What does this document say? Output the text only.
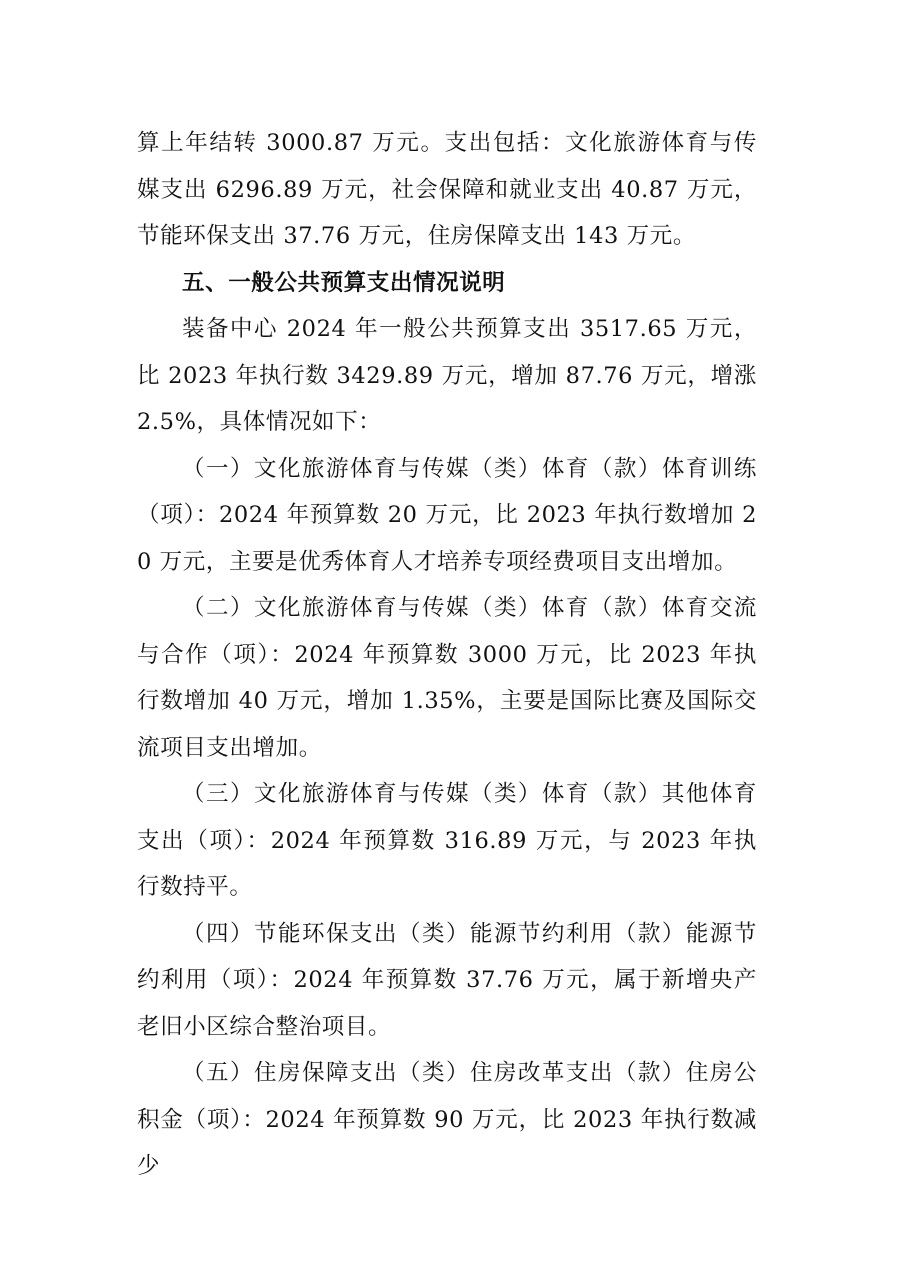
算上年结转 3000.87 万元。支出包括：文化旅游体育与传媒支出 6296.89 万元，社会保障和就业支出 40.87 万元，节能环保支出 37.76 万元，住房保障支出 143 万元。

五、一般公共预算支出情况说明

装备中心 2024 年一般公共预算支出 3517.65 万元，比 2023 年执行数 3429.89 万元，增加 87.76 万元，增涨 2.5%，具体情况如下：

（一）文化旅游体育与传媒（类）体育（款）体育训练（项）：2024 年预算数 20 万元，比 2023 年执行数增加 20 万元，主要是优秀体育人才培养专项经费项目支出增加。

（二）文化旅游体育与传媒（类）体育（款）体育交流与合作（项）：2024 年预算数 3000 万元，比 2023 年执行数增加 40 万元，增加 1.35%，主要是国际比赛及国际交流项目支出增加。

（三）文化旅游体育与传媒（类）体育（款）其他体育支出（项）：2024 年预算数 316.89 万元，与 2023 年执行数持平。

（四）节能环保支出（类）能源节约利用（款）能源节约利用（项）：2024 年预算数 37.76 万元，属于新增央产老旧小区综合整治项目。

（五）住房保障支出（类）住房改革支出（款）住房公积金（项）：2024 年预算数 90 万元，比 2023 年执行数减少
